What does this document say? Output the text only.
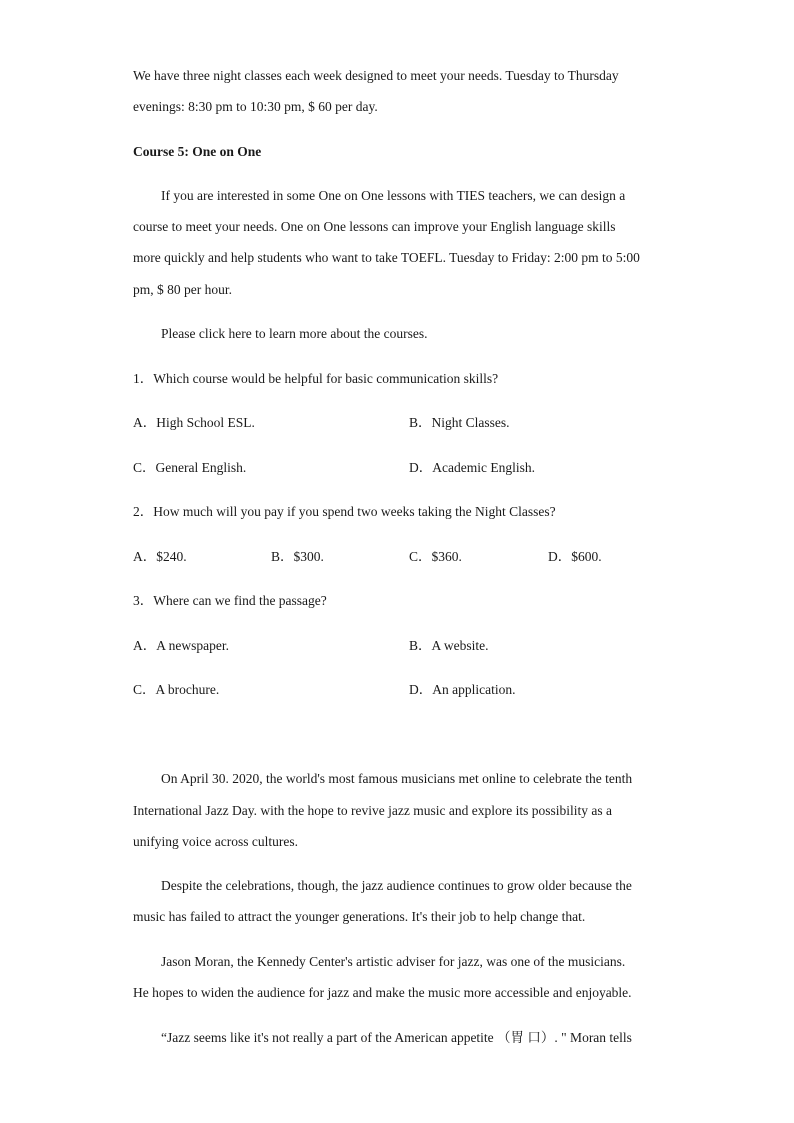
We have three night classes each week designed to meet your needs. Tuesday to Thursday
evenings: 8:30 pm to 10:30 pm, $ 60 per day.
Course 5: One on One
If you are interested in some One on One lessons with TIES teachers, we can design a
course to meet your needs. One on One lessons can improve your English language skills
more quickly and help students who want to take TOEFL. Tuesday to Friday: 2:00 pm to 5:00
pm, $ 80 per hour.
Please click here to learn more about the courses.
1．Which course would be helpful for basic communication skills?
A．High School ESL.	B．Night Classes.
C．General English.	D．Academic English.
2．How much will you pay if you spend two weeks taking the Night Classes?
A．$240.	B．$300.	C．$360.	D．$600.
3．Where can we find the passage?
A．A newspaper.	B．A website.
C．A brochure.	D．An application.
On April 30. 2020, the world's most famous musicians met online to celebrate the tenth
International Jazz Day. with the hope to revive jazz music and explore its possibility as a
unifying voice across cultures.
Despite the celebrations, though, the jazz audience continues to grow older because the
music has failed to attract the younger generations. It's their job to help change that.
Jason Moran, the Kennedy Center's artistic adviser for jazz, was one of the musicians.
He hopes to widen the audience for jazz and make the music more accessible and enjoyable.
“Jazz seems like it's not really a part of the American appetite （胃 口）. " Moran tells
